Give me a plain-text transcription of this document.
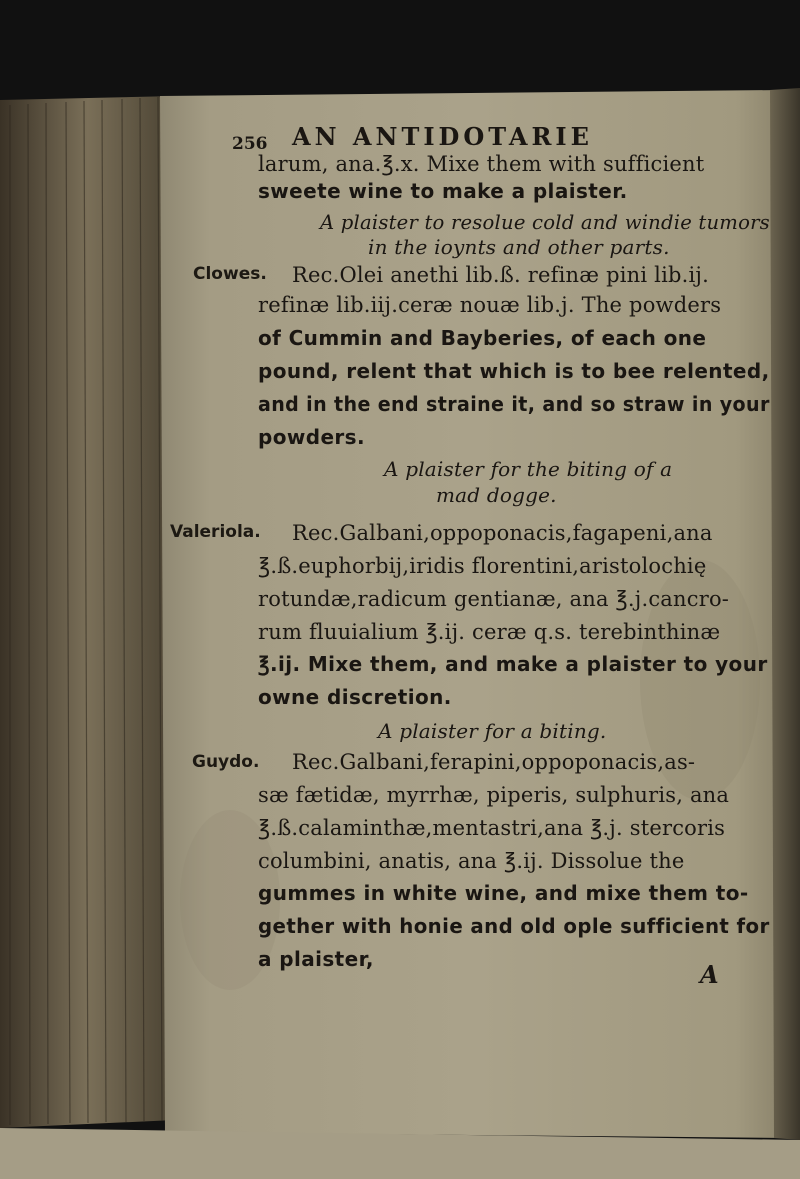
256 AN ANTIDOTARIE
larum, ana.℥.x. Mixe them with sufficient
sweete wine to make a plaister.
A plaister to resolue cold and windie tumors
in the ioynts and other parts.
Clowes. Rec.Olei anethi lib.ß. refinæ pini lib.ij.
refinæ lib.iij.ceræ nouæ lib.j. The powders
of Cummin and Bayberies, of each one
pound, relent that which is to bee relented,
and in the end straine it, and so straw in your
powders.
A plaister for the biting of a
mad dogge.
Valeriola. Rec.Galbani,oppoponacis,fagapeni,ana
℥.ß.euphorbij,iridis florentini,aristolochię
rotundæ,radicum gentianæ, ana ℥.j.cancro-
rum fluuialium ℥.ij. ceræ q.s. terebinthinæ
℥.ij. Mixe them, and make a plaister to your
owne discretion.
A plaister for a biting.
Guydo. Rec.Galbani,ferapini,oppoponacis,as-
sæ fætidæ, myrrhæ, piperis, sulphuris, ana
℥.ß.calaminthæ,mentastri,ana ℥.j. stercoris
columbini, anatis, ana ℥.ij. Dissolue the
gummes in white wine, and mixe them to-
gether with honie and old ople sufficient for
a plaister,
A
